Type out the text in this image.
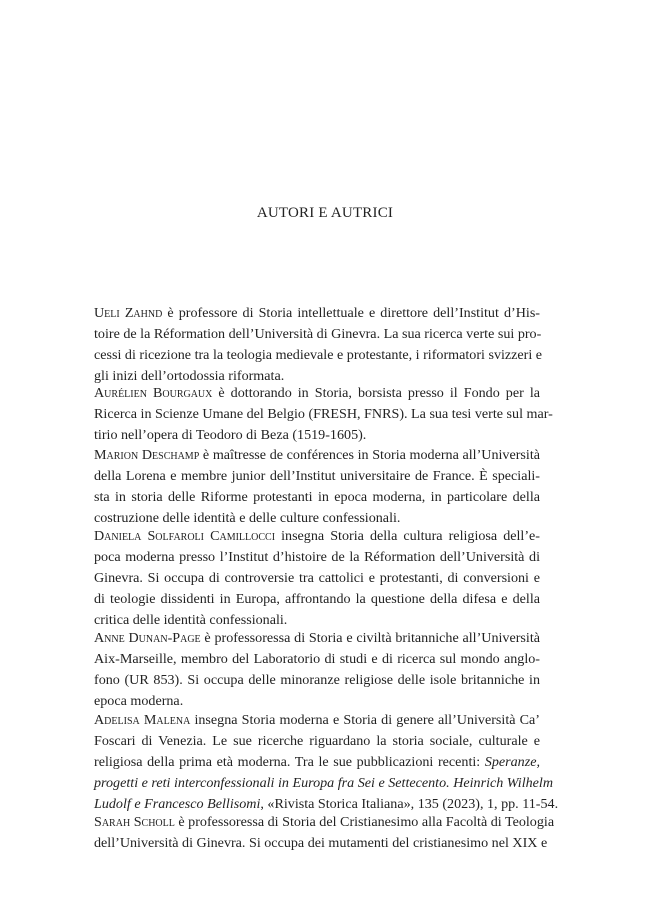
AUTORI E AUTRICI

Ueli Zahnd è professore di Storia intellettuale e direttore dell’Institut d’His-
toire de la Réformation dell’Università di Ginevra. La sua ricerca verte sui pro-
cessi di ricezione tra la teologia medievale e protestante, i riformatori svizzeri e
gli inizi dell’ortodossia riformata.

Aurélien Bourgaux è dottorando in Storia, borsista presso il Fondo per la
Ricerca in Scienze Umane del Belgio (FRESH, FNRS). La sua tesi verte sul mar-
tirio nell’opera di Teodoro di Beza (1519-1605).

Marion Deschamp è maîtresse de conférences in Storia moderna all’Università
della Lorena e membre junior dell’Institut universitaire de France. È speciali-
sta in storia delle Riforme protestanti in epoca moderna, in particolare della
costruzione delle identità e delle culture confessionali.

Daniela Solfaroli Camillocci insegna Storia della cultura religiosa dell’e-
poca moderna presso l’Institut d’histoire de la Réformation dell’Università di
Ginevra. Si occupa di controversie tra cattolici e protestanti, di conversioni e
di teologie dissidenti in Europa, affrontando la questione della difesa e della
critica delle identità confessionali.

Anne Dunan-Page è professoressa di Storia e civiltà britanniche all’Università
Aix-Marseille, membro del Laboratorio di studi e di ricerca sul mondo anglo-
fono (UR 853). Si occupa delle minoranze religiose delle isole britanniche in
epoca moderna.

Adelisa Malena insegna Storia moderna e Storia di genere all’Università Ca’
Foscari di Venezia. Le sue ricerche riguardano la storia sociale, culturale e
religiosa della prima età moderna. Tra le sue pubblicazioni recenti: Speranze,
progetti e reti interconfessionali in Europa fra Sei e Settecento. Heinrich Wilhelm
Ludolf e Francesco Bellisomi, «Rivista Storica Italiana», 135 (2023), 1, pp. 11-54.

Sarah Scholl è professoressa di Storia del Cristianesimo alla Facoltà di Teologia
dell’Università di Ginevra. Si occupa dei mutamenti del cristianesimo nel XIX e
